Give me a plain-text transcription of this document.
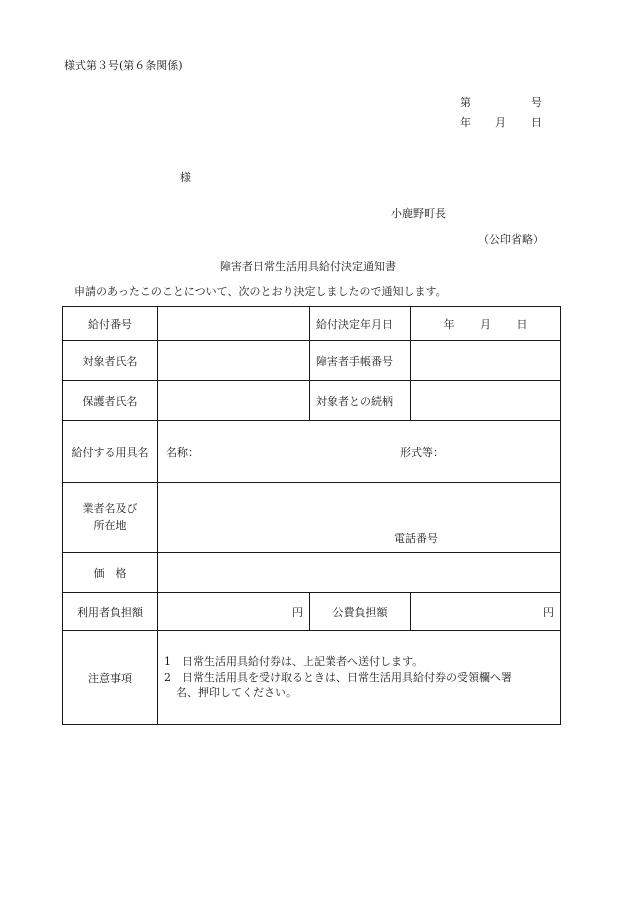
様式第３号(第６条関係)
第	号
年 月 日
様
小鹿野町長
（公印省略）
障害者日常生活用具給付決定通知書
申請のあったこのことについて、次のとおり決定しましたので通知します。
給付番号		給付決定年月日	年 月 日
対象者氏名		障害者手帳番号	
保護者氏名		対象者との続柄	
給付する用具名	名称： 形式等：		

業者名及び
所在地	電話番号		

価　格			
利用者負担額	円	公費負担額	円
注意事項	1　日常生活用具給付券は、上記業者へ送付します。
2　日常生活用具を受け取るときは、日常生活用具給付券の受領欄へ署
名、押印してください。		
